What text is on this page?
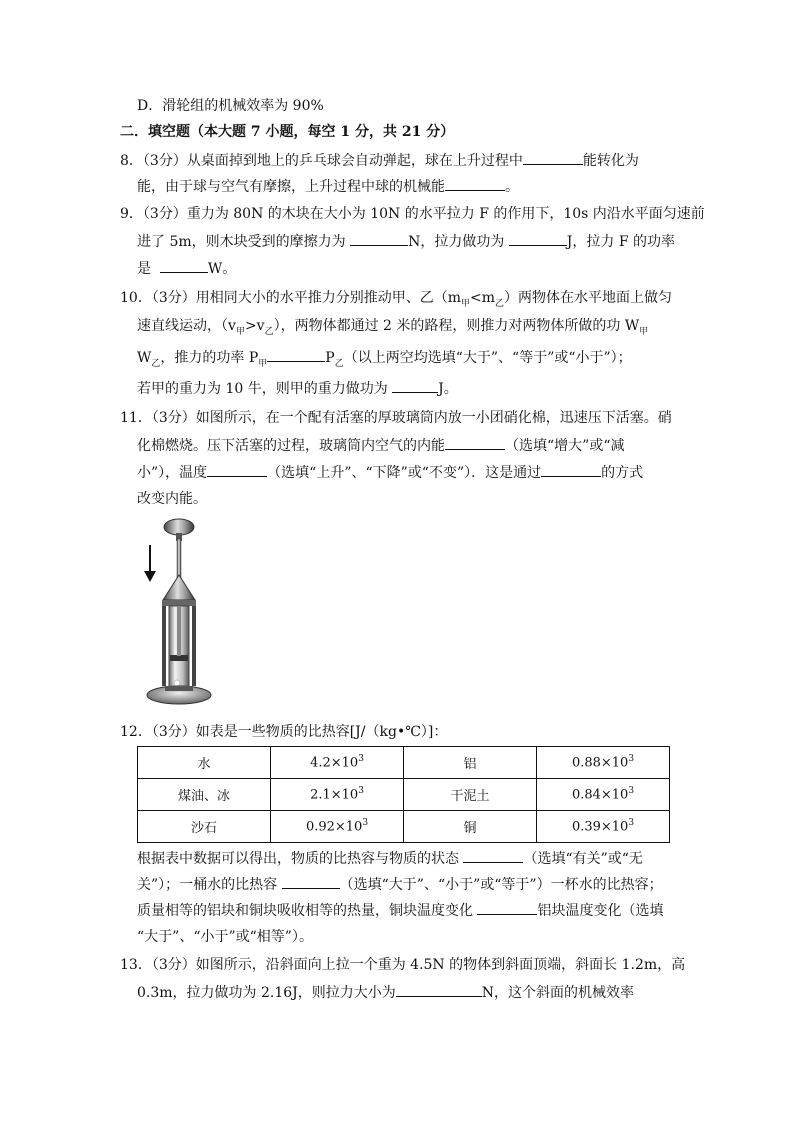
D．滑轮组的机械效率为 90%
二．填空题（本大题 7 小题，每空 1 分，共 21 分）
8．（3分）从桌面掉到地上的乒乓球会自动弹起，球在上升过程中	能转化为
能，由于球与空气有摩擦，上升过程中球的机械能	。
9．（3分）重力为 80N 的木块在大小为 10N 的水平拉力 F 的作用下，10s 内沿水平面匀速前
进了 5m，则木块受到的摩擦力为	N，拉力做功为	J，拉力 F 的功率
是	W。
10．（3分）用相同大小的水平推力分别推动甲、乙$(m_甲<m_乙)$两物体在水平地面上做匀
速直线运动，$(v_甲>v_乙)$，两物体都通过 2 米的路程，则推力对两物体所做的功 $W_甲$
$W_乙$，推力的功率 $P_甲$	$P_乙$（以上两空均选填“大于”、“等于”或“小于”）；
若甲的重力为 10 牛，则甲的重力做功为	J。
11．（3分）如图所示，在一个配有活塞的厚玻璃筒内放一小团硝化棉，迅速压下活塞。硝
化棉燃烧。压下活塞的过程，玻璃筒内空气的内能	（选填“增大”或“减
小”），温度	（选填“上升”、“下降”或“不变”）．这是通过	的方式
改变内能。
12．（3分）如表是一些物质的比热容[J/（kg•℃）]：
水	$4.2\times 10^3$	铝	$0.88\times 10^3$
煤油、冰	$2.1\times 10^3$	干泥土	$0.84\times 10^3$
沙石	$0.92\times 10^3$	铜	$0.39\times 10^3$
根据表中数据可以得出，物质的比热容与物质的状态	（选填“有关”或“无
关”）；一桶水的比热容	（选填“大于”、“小于”或“等于”）一杯水的比热容；
质量相等的铝块和铜块吸收相等的热量，铜块温度变化	铝块温度变化（选填
“大于”、“小于”或“相等”）。
13．（3分）如图所示，沿斜面向上拉一个重为 4.5N 的物体到斜面顶端，斜面长 1.2m，高
0.3m，拉力做功为 2.16J，则拉力大小为	N，这个斜面的机械效率
